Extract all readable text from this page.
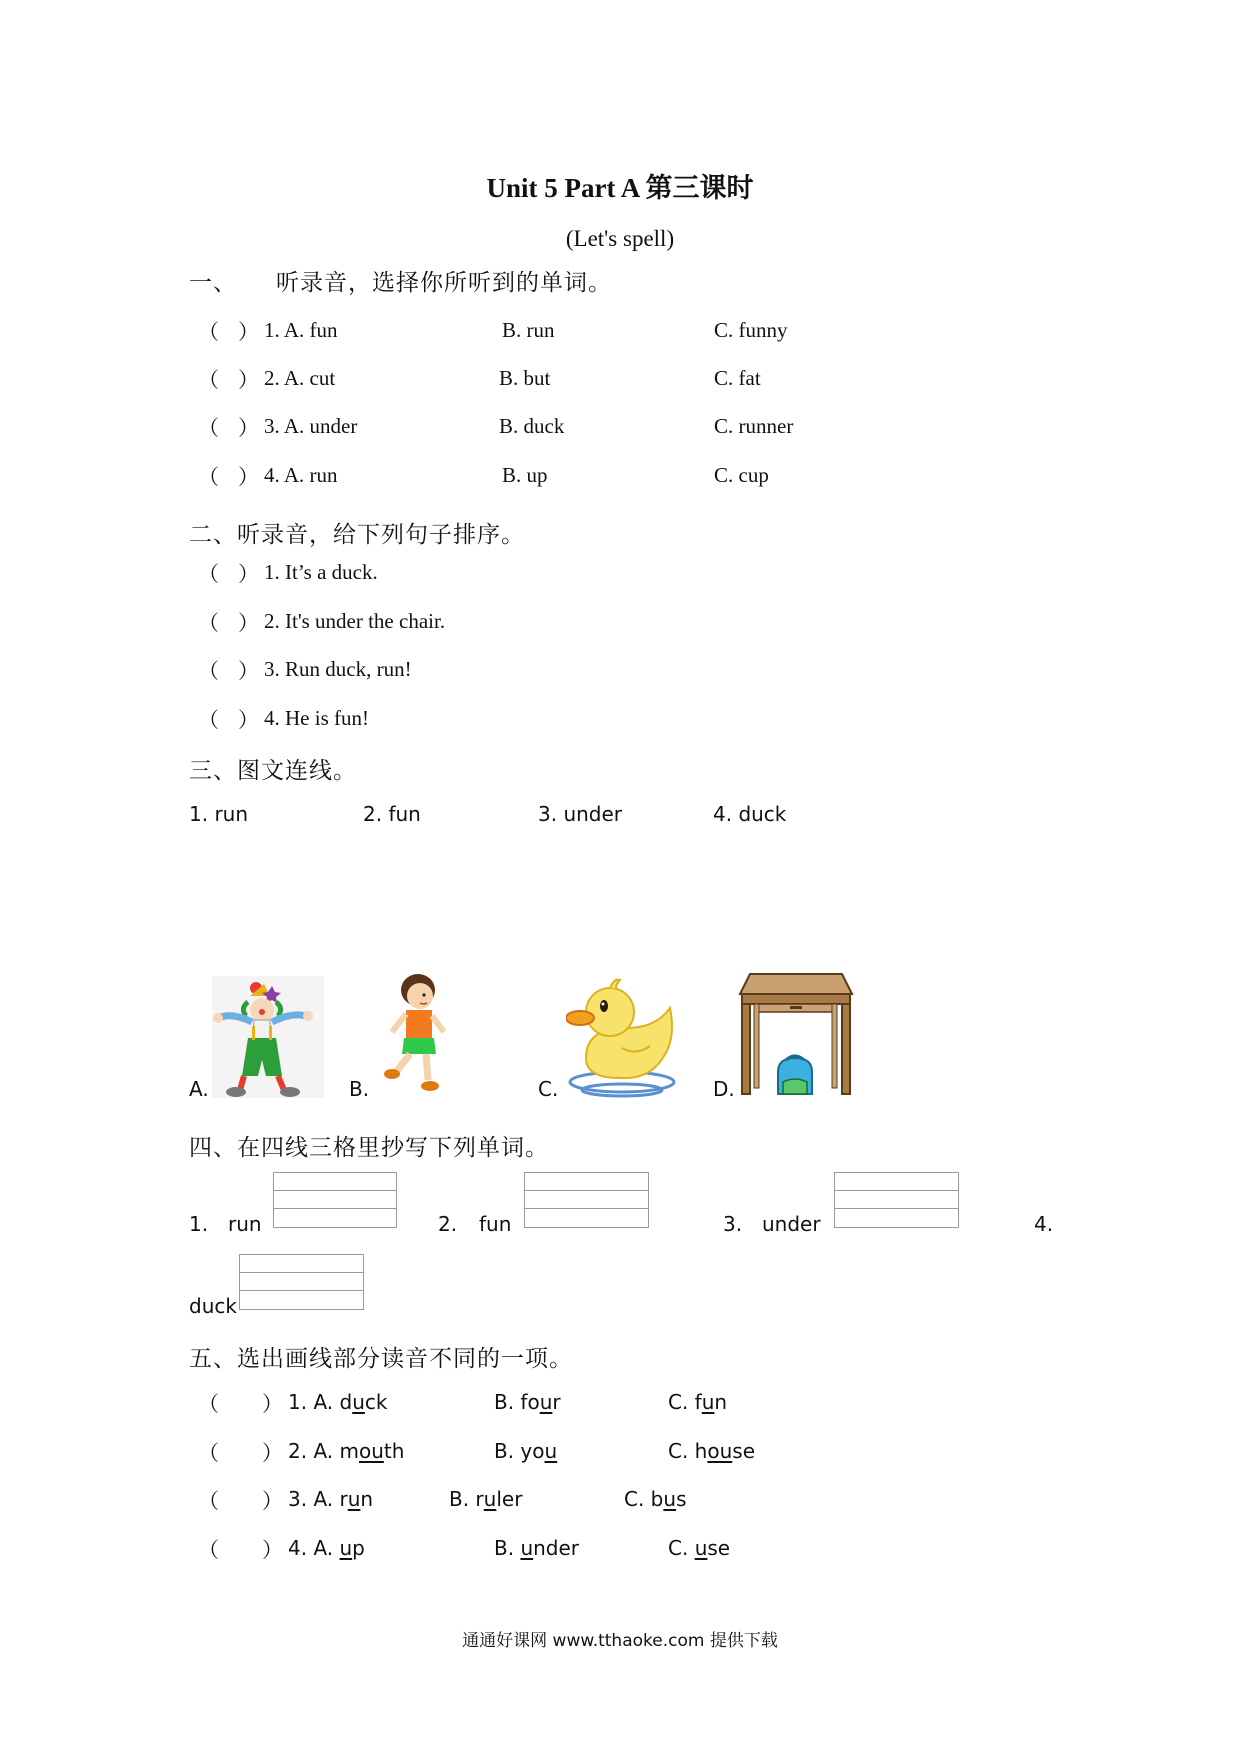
Unit 5 Part A 第三课时
(Let's spell)
一、 听录音，选择你所听到的单词。
（ ） 1. A. fun	B. run	C. funny
（ ） 2. A. cut	B. but	C. fat
（ ） 3. A. under	B. duck	C. runner
（ ） 4. A. run	B. up	C. cup
二、听录音，给下列句子排序。
（ ） 1. It’s a duck.
（ ） 2. It's under the chair.
（ ） 3. Run duck, run!
（ ） 4. He is fun!
三、图文连线。
1. run	2. fun	3. under	4. duck
A.	B.	C.	D.
四、在四线三格里抄写下列单词。
1. run	2. fun	3. under	4.
duck
五、选出画线部分读音不同的一项。
（ ） 1. A. duck	B. four	C. fun
（ ） 2. A. mouth	B. you	C. house
（ ） 3. A. run	B. ruler	C. bus
（ ） 4. A. up	B. under	C. use
通通好课网 www.tthaoke.com 提供下载
